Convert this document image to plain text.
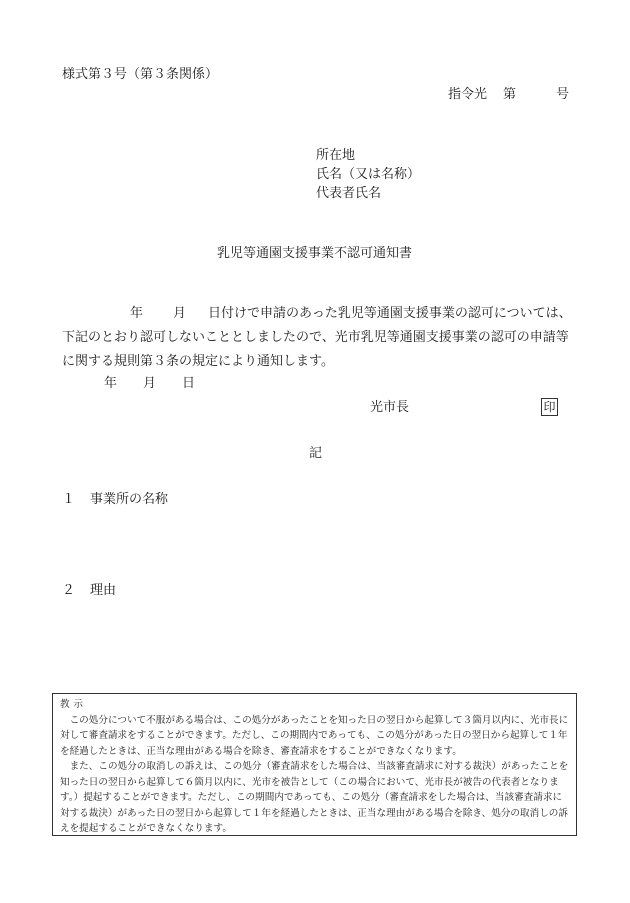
様式第３号（第３条関係）
指令光 第	号
所在地
氏名（又は名称）
代表者氏名
乳児等通園支援事業不認可通知書
年 月 日付けで申請のあった乳児等通園支援事業の認可については、下記のとおり認可しないこととしましたので、光市乳児等通園支援事業の認可の申請等に関する規則第３条の規定により通知します。
年 月 日
光市長	印
記
１ 事業所の名称
２ 理由

教示

この処分について不服がある場合は、この処分があったことを知った日の翌日から起算して３箇月以内に、光市長に対して審査請求をすることができます。ただし、この期間内であっても、この処分があった日の翌日から起算して１年を経過したときは、正当な理由がある場合を除き、審査請求をすることができなくなります。

また、この処分の取消しの訴えは、この処分（審査請求をした場合は、当該審査請求に対する裁決）があったことを知った日の翌日から起算して６箇月以内に、光市を被告として（この場合において、光市長が被告の代表者となります。）提起することができます。ただし、この期間内であっても、この処分（審査請求をした場合は、当該審査請求に対する裁決）があった日の翌日から起算して１年を経過したときは、正当な理由がある場合を除き、処分の取消しの訴えを提起することができなくなります。
